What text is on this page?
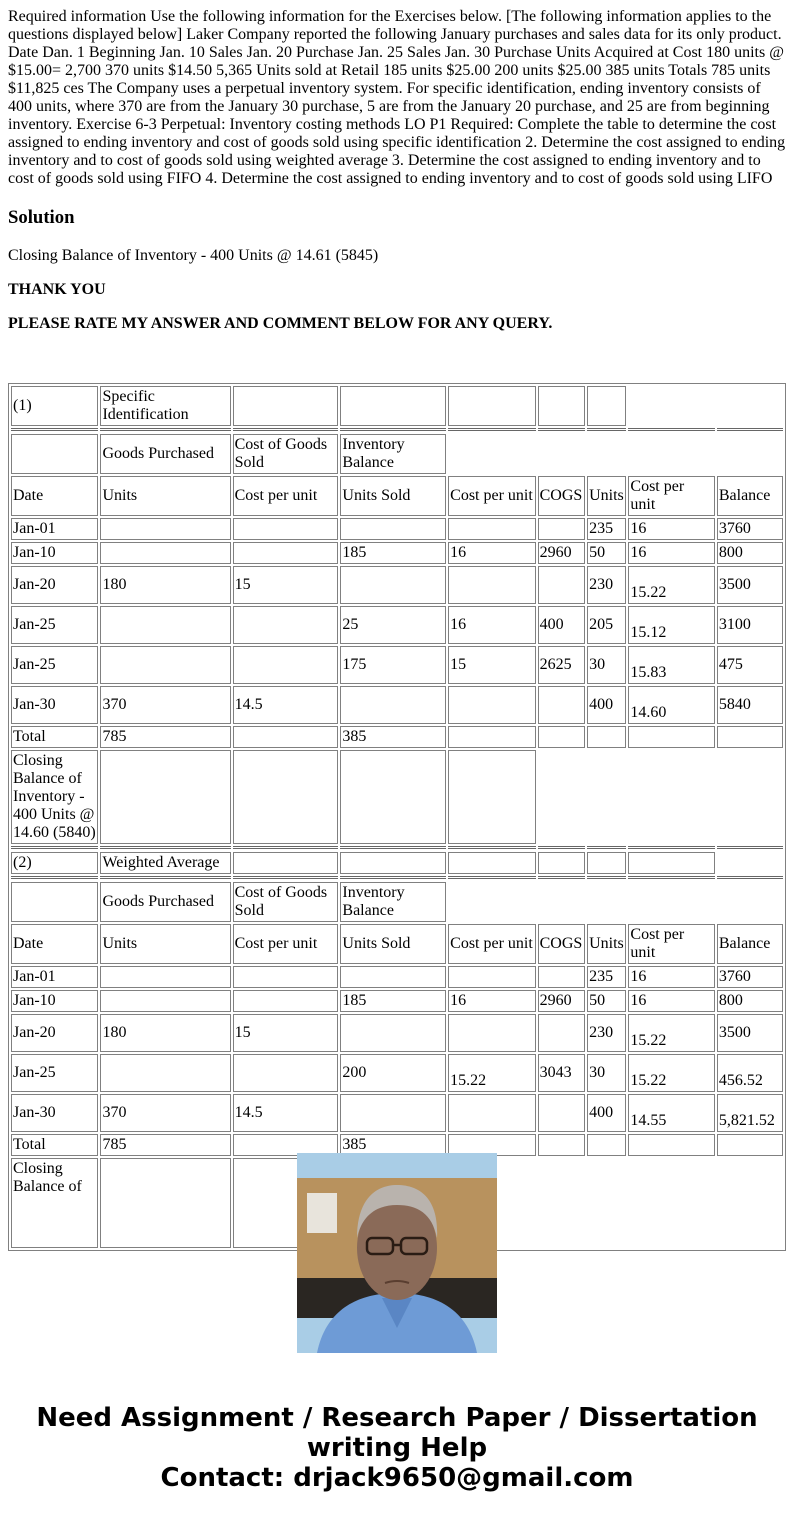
Required information Use the following information for the Exercises below. [The following information applies to the questions displayed below] Laker Company reported the following January purchases and sales data for its only product. Date Dan. 1 Beginning Jan. 10 Sales Jan. 20 Purchase Jan. 25 Sales Jan. 30 Purchase Units Acquired at Cost 180 units @ $15.00= 2,700 370 units $14.50 5,365 Units sold at Retail 185 units $25.00 200 units $25.00 385 units Totals 785 units $11,825 ces The Company uses a perpetual inventory system. For specific identification, ending inventory consists of 400 units, where 370 are from the January 30 purchase, 5 are from the January 20 purchase, and 25 are from beginning inventory. Exercise 6-3 Perpetual: Inventory costing methods LO P1 Required: Complete the table to determine the cost assigned to ending inventory and cost of goods sold using specific identification 2. Determine the cost assigned to ending inventory and to cost of goods sold using weighted average 3. Determine the cost assigned to ending inventory and to cost of goods sold using FIFO 4. Determine the cost assigned to ending inventory and to cost of goods sold using LIFO

Solution

Closing Balance of Inventory - 400 Units @ 14.61 (5845)

THANK YOU

PLEASE RATE MY ANSWER AND COMMENT BELOW FOR ANY QUERY.

(1)	Specific Identification							

	Goods Purchased	Cost of Goods Sold	Inventory Balance					
Date	Units	Cost per unit	Units Sold	Cost per unit	COGS	Units	Cost per unit	Balance
Jan-01						235	16	3760
Jan-10			185	16	2960	50	16	800
Jan-20	180	15				230	15.22	3500
Jan-25			25	16	400	205	15.12	3100
Jan-25			175	15	2625	30	15.83	475
Jan-30	370	14.5				400	14.60	5840
Total	785		385					
Closing Balance of Inventory - 400 Units @ 14.60 (5840)								

(2)	Weighted Average							

	Goods Purchased	Cost of Goods Sold	Inventory Balance					
Date	Units	Cost per unit	Units Sold	Cost per unit	COGS	Units	Cost per unit	Balance
Jan-01						235	16	3760
Jan-10			185	16	2960	50	16	800
Jan-20	180	15				230	15.22	3500
Jan-25			200	15.22	3043	30	15.22	456.52
Jan-30	370	14.5				400	14.55	5,821.52
Total	785		385					
Closing Balance of								
Need Assignment / Research Paper / Dissertation
writing Help
Contact: drjack9650@gmail.com
